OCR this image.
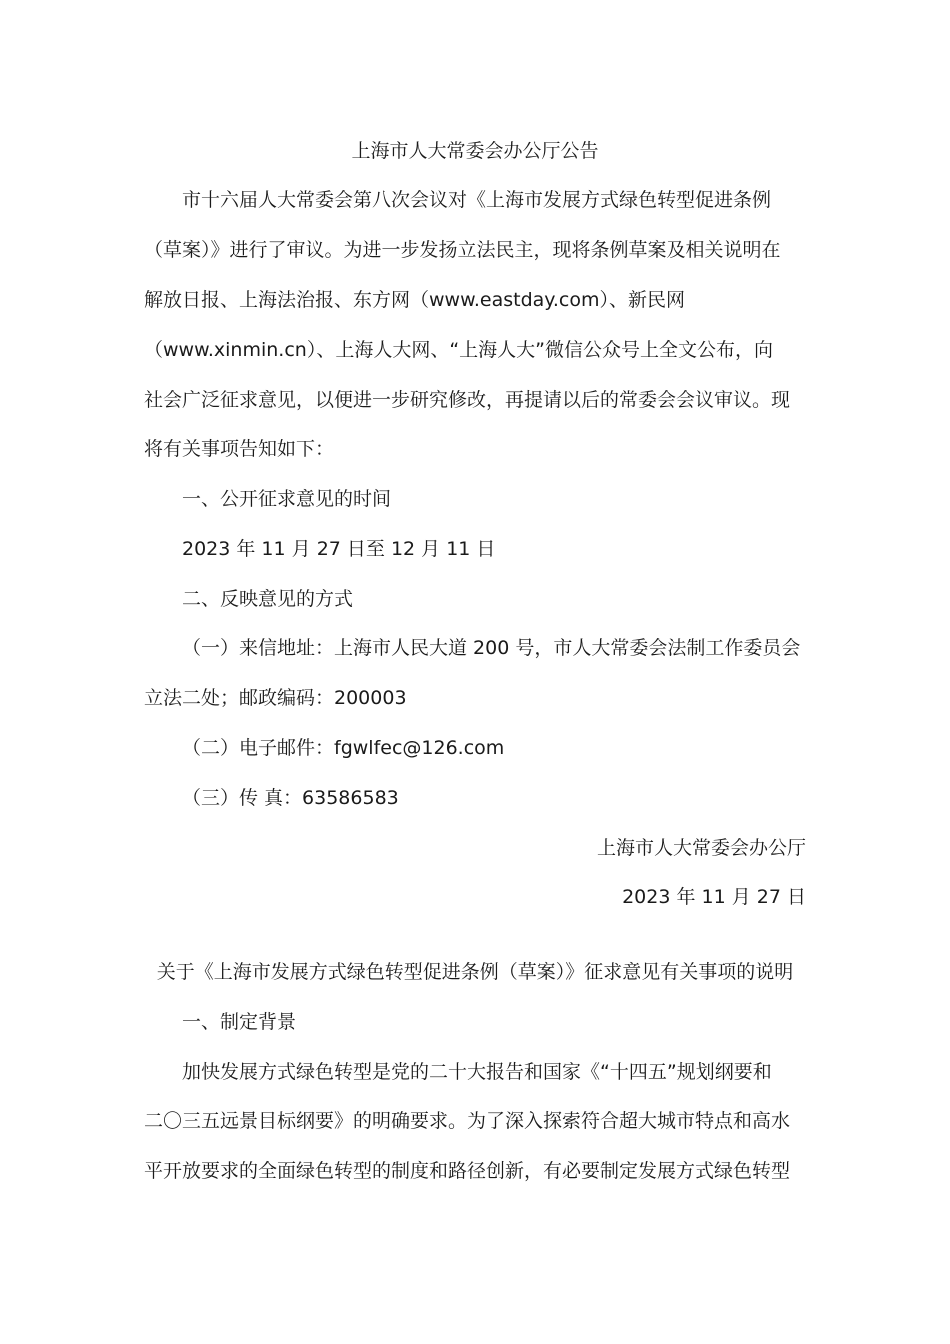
上海市人大常委会办公厅公告

市十六届人大常委会第八次会议对《上海市发展方式绿色转型促进条例

（草案）》进行了审议。为进一步发扬立法民主，现将条例草案及相关说明在

解放日报、上海法治报、东方网（www.eastday.com）、新民网

（www.xinmin.cn）、上海人大网、“上海人大”微信公众号上全文公布，向

社会广泛征求意见，以便进一步研究修改，再提请以后的常委会会议审议。现

将有关事项告知如下：

一、公开征求意见的时间

2023 年 11 月 27 日至 12 月 11 日

二、反映意见的方式

（一）来信地址：上海市人民大道 200 号，市人大常委会法制工作委员会

立法二处；邮政编码：200003

（二）电子邮件：fgwlfec@126.com

（三）传 真：63586583

上海市人大常委会办公厅

2023 年 11 月 27 日

关于《上海市发展方式绿色转型促进条例（草案）》征求意见有关事项的说明

一、制定背景

加快发展方式绿色转型是党的二十大报告和国家《“十四五”规划纲要和

二〇三五远景目标纲要》的明确要求。为了深入探索符合超大城市特点和高水

平开放要求的全面绿色转型的制度和路径创新，有必要制定发展方式绿色转型
